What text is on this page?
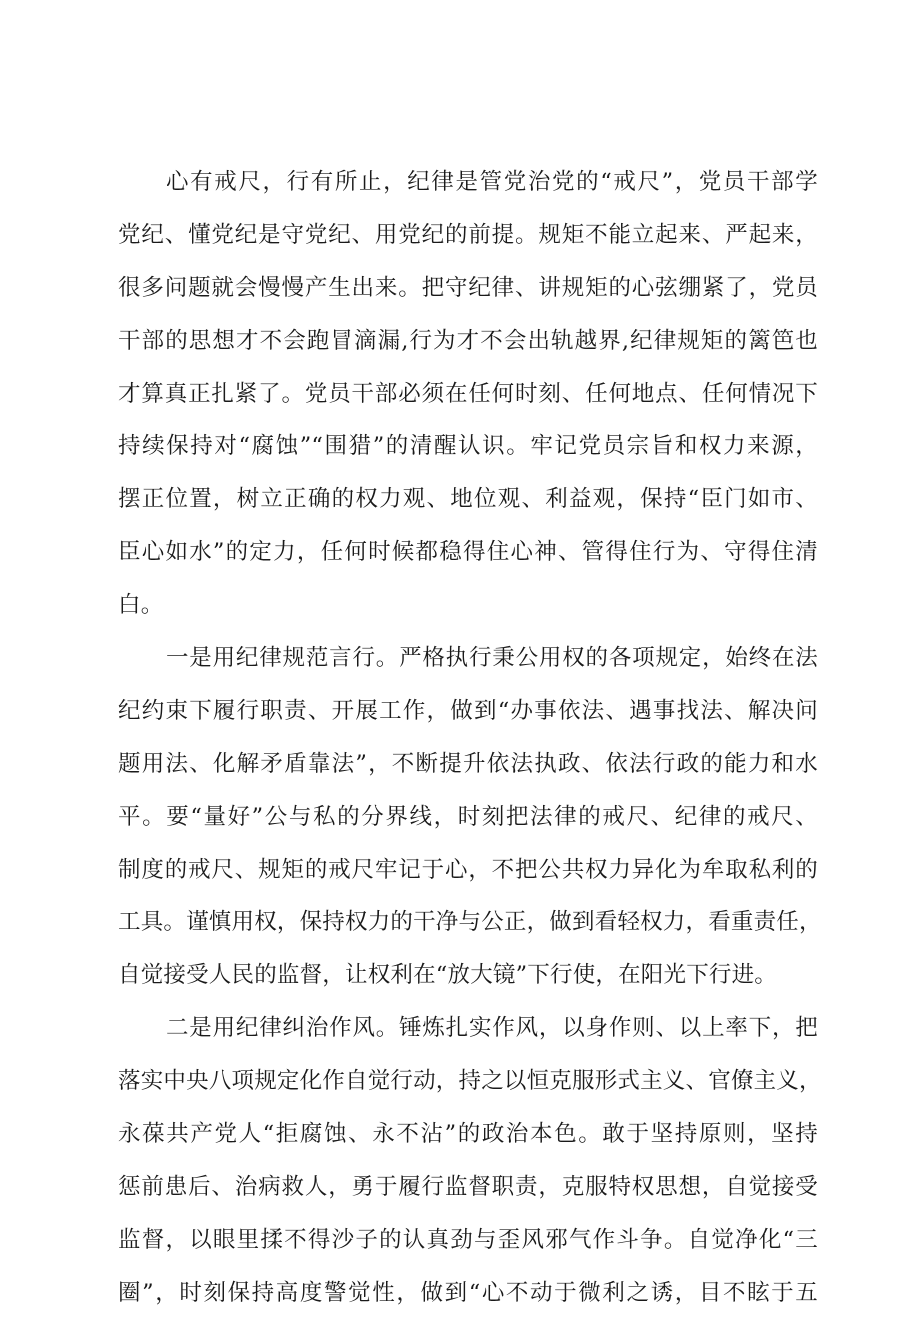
心有戒尺，行有所止，纪律是管党治党的“戒尺”，党员干部学
党纪、懂党纪是守党纪、用党纪的前提。规矩不能立起来、严起来，
很多问题就会慢慢产生出来。把守纪律、讲规矩的心弦绷紧了，党员
干部的思想才不会跑冒滴漏,行为才不会出轨越界,纪律规矩的篱笆也
才算真正扎紧了。党员干部必须在任何时刻、任何地点、任何情况下
持续保持对“腐蚀”“围猎”的清醒认识。牢记党员宗旨和权力来源，
摆正位置，树立正确的权力观、地位观、利益观，保持“臣门如市、
臣心如水”的定力，任何时候都稳得住心神、管得住行为、守得住清
白。
一是用纪律规范言行。严格执行秉公用权的各项规定，始终在法
纪约束下履行职责、开展工作，做到“办事依法、遇事找法、解决问
题用法、化解矛盾靠法”，不断提升依法执政、依法行政的能力和水
平。要“量好”公与私的分界线，时刻把法律的戒尺、纪律的戒尺、
制度的戒尺、规矩的戒尺牢记于心，不把公共权力异化为牟取私利的
工具。谨慎用权，保持权力的干净与公正，做到看轻权力，看重责任，
自觉接受人民的监督，让权利在“放大镜”下行使，在阳光下行进。
二是用纪律纠治作风。锤炼扎实作风，以身作则、以上率下，把
落实中央八项规定化作自觉行动，持之以恒克服形式主义、官僚主义，
永葆共产党人“拒腐蚀、永不沾”的政治本色。敢于坚持原则，坚持
惩前患后、治病救人，勇于履行监督职责，克服特权思想，自觉接受
监督，以眼里揉不得沙子的认真劲与歪风邪气作斗争。自觉净化“三
圈”，时刻保持高度警觉性，做到“心不动于微利之诱，目不眩于五
